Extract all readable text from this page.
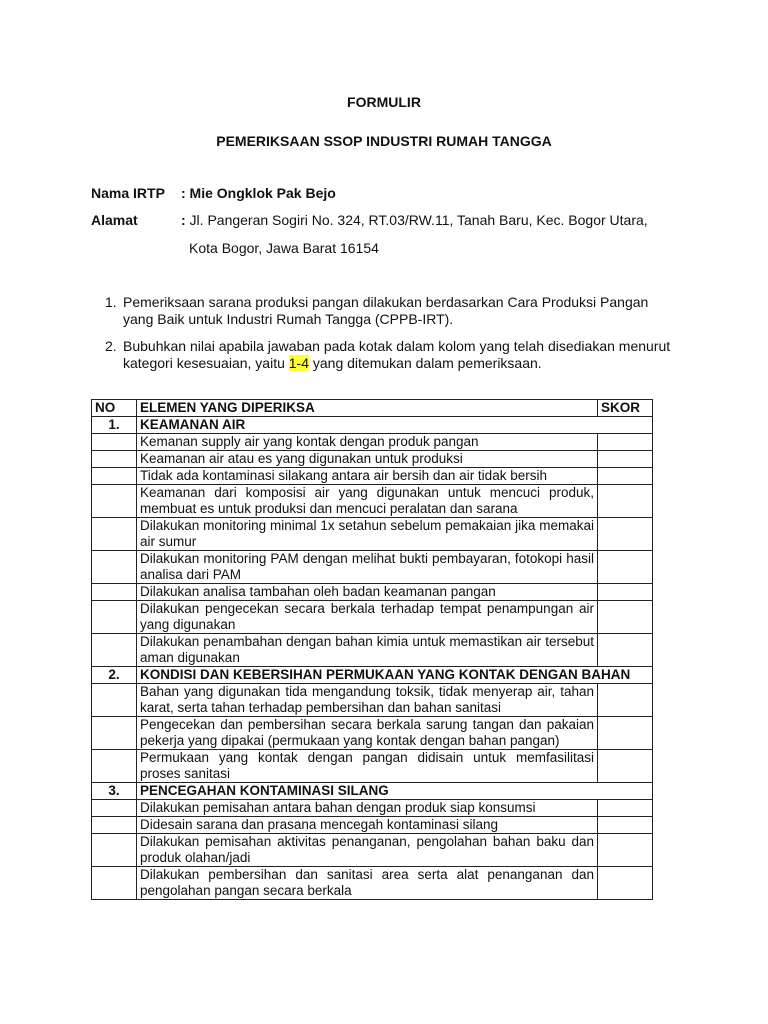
FORMULIR
PEMERIKSAAN SSOP INDUSTRI RUMAH TANGGA
Nama IRTP : Mie Ongklok Pak Bejo
Alamat	: Jl. Pangeran Sogiri No. 324, RT.03/RW.11, Tanah Baru, Kec. Bogor Utara,
Kota Bogor, Jawa Barat 16154
1. Pemeriksaan sarana produksi pangan dilakukan berdasarkan Cara Produksi Pangan yang Baik untuk Industri Rumah Tangga (CPPB-IRT).
2. Bubuhkan nilai apabila jawaban pada kotak dalam kolom yang telah disediakan menurut kategori kesesuaian, yaitu 1-4 yang ditemukan dalam pemeriksaan.
NO	ELEMEN YANG DIPERIKSA	SKOR
1.	KEAMANAN AIR	
	Kemanan supply air yang kontak dengan produk pangan	
	Keamanan air atau es yang digunakan untuk produksi	
	Tidak ada kontaminasi silakang antara air bersih dan air tidak bersih	
	Keamanan dari komposisi air yang digunakan untuk mencuci produk, membuat es untuk produksi dan mencuci peralatan dan sarana	
	Dilakukan monitoring minimal 1x setahun sebelum pemakaian jika memakai air sumur	
	Dilakukan monitoring PAM dengan melihat bukti pembayaran, fotokopi hasil analisa dari PAM	
	Dilakukan analisa tambahan oleh badan keamanan pangan	
	Dilakukan pengecekan secara berkala terhadap tempat penampungan air yang digunakan	
	Dilakukan penambahan dengan bahan kimia untuk memastikan air tersebut aman digunakan	
2.	KONDISI DAN KEBERSIHAN PERMUKAAN YANG KONTAK DENGAN BAHAN	
	Bahan yang digunakan tida mengandung toksik, tidak menyerap air, tahan karat, serta tahan terhadap pembersihan dan bahan sanitasi	
	Pengecekan dan pembersihan secara berkala sarung tangan dan pakaian pekerja yang dipakai (permukaan yang kontak dengan bahan pangan)	
	Permukaan yang kontak dengan pangan didisain untuk memfasilitasi proses sanitasi	
3.	PENCEGAHAN KONTAMINASI SILANG	
	Dilakukan pemisahan antara bahan dengan produk siap konsumsi	
	Didesain sarana dan prasana mencegah kontaminasi silang	
	Dilakukan pemisahan aktivitas penanganan, pengolahan bahan baku dan produk olahan/jadi	
	Dilakukan pembersihan dan sanitasi area serta alat penanganan dan pengolahan pangan secara berkala	
